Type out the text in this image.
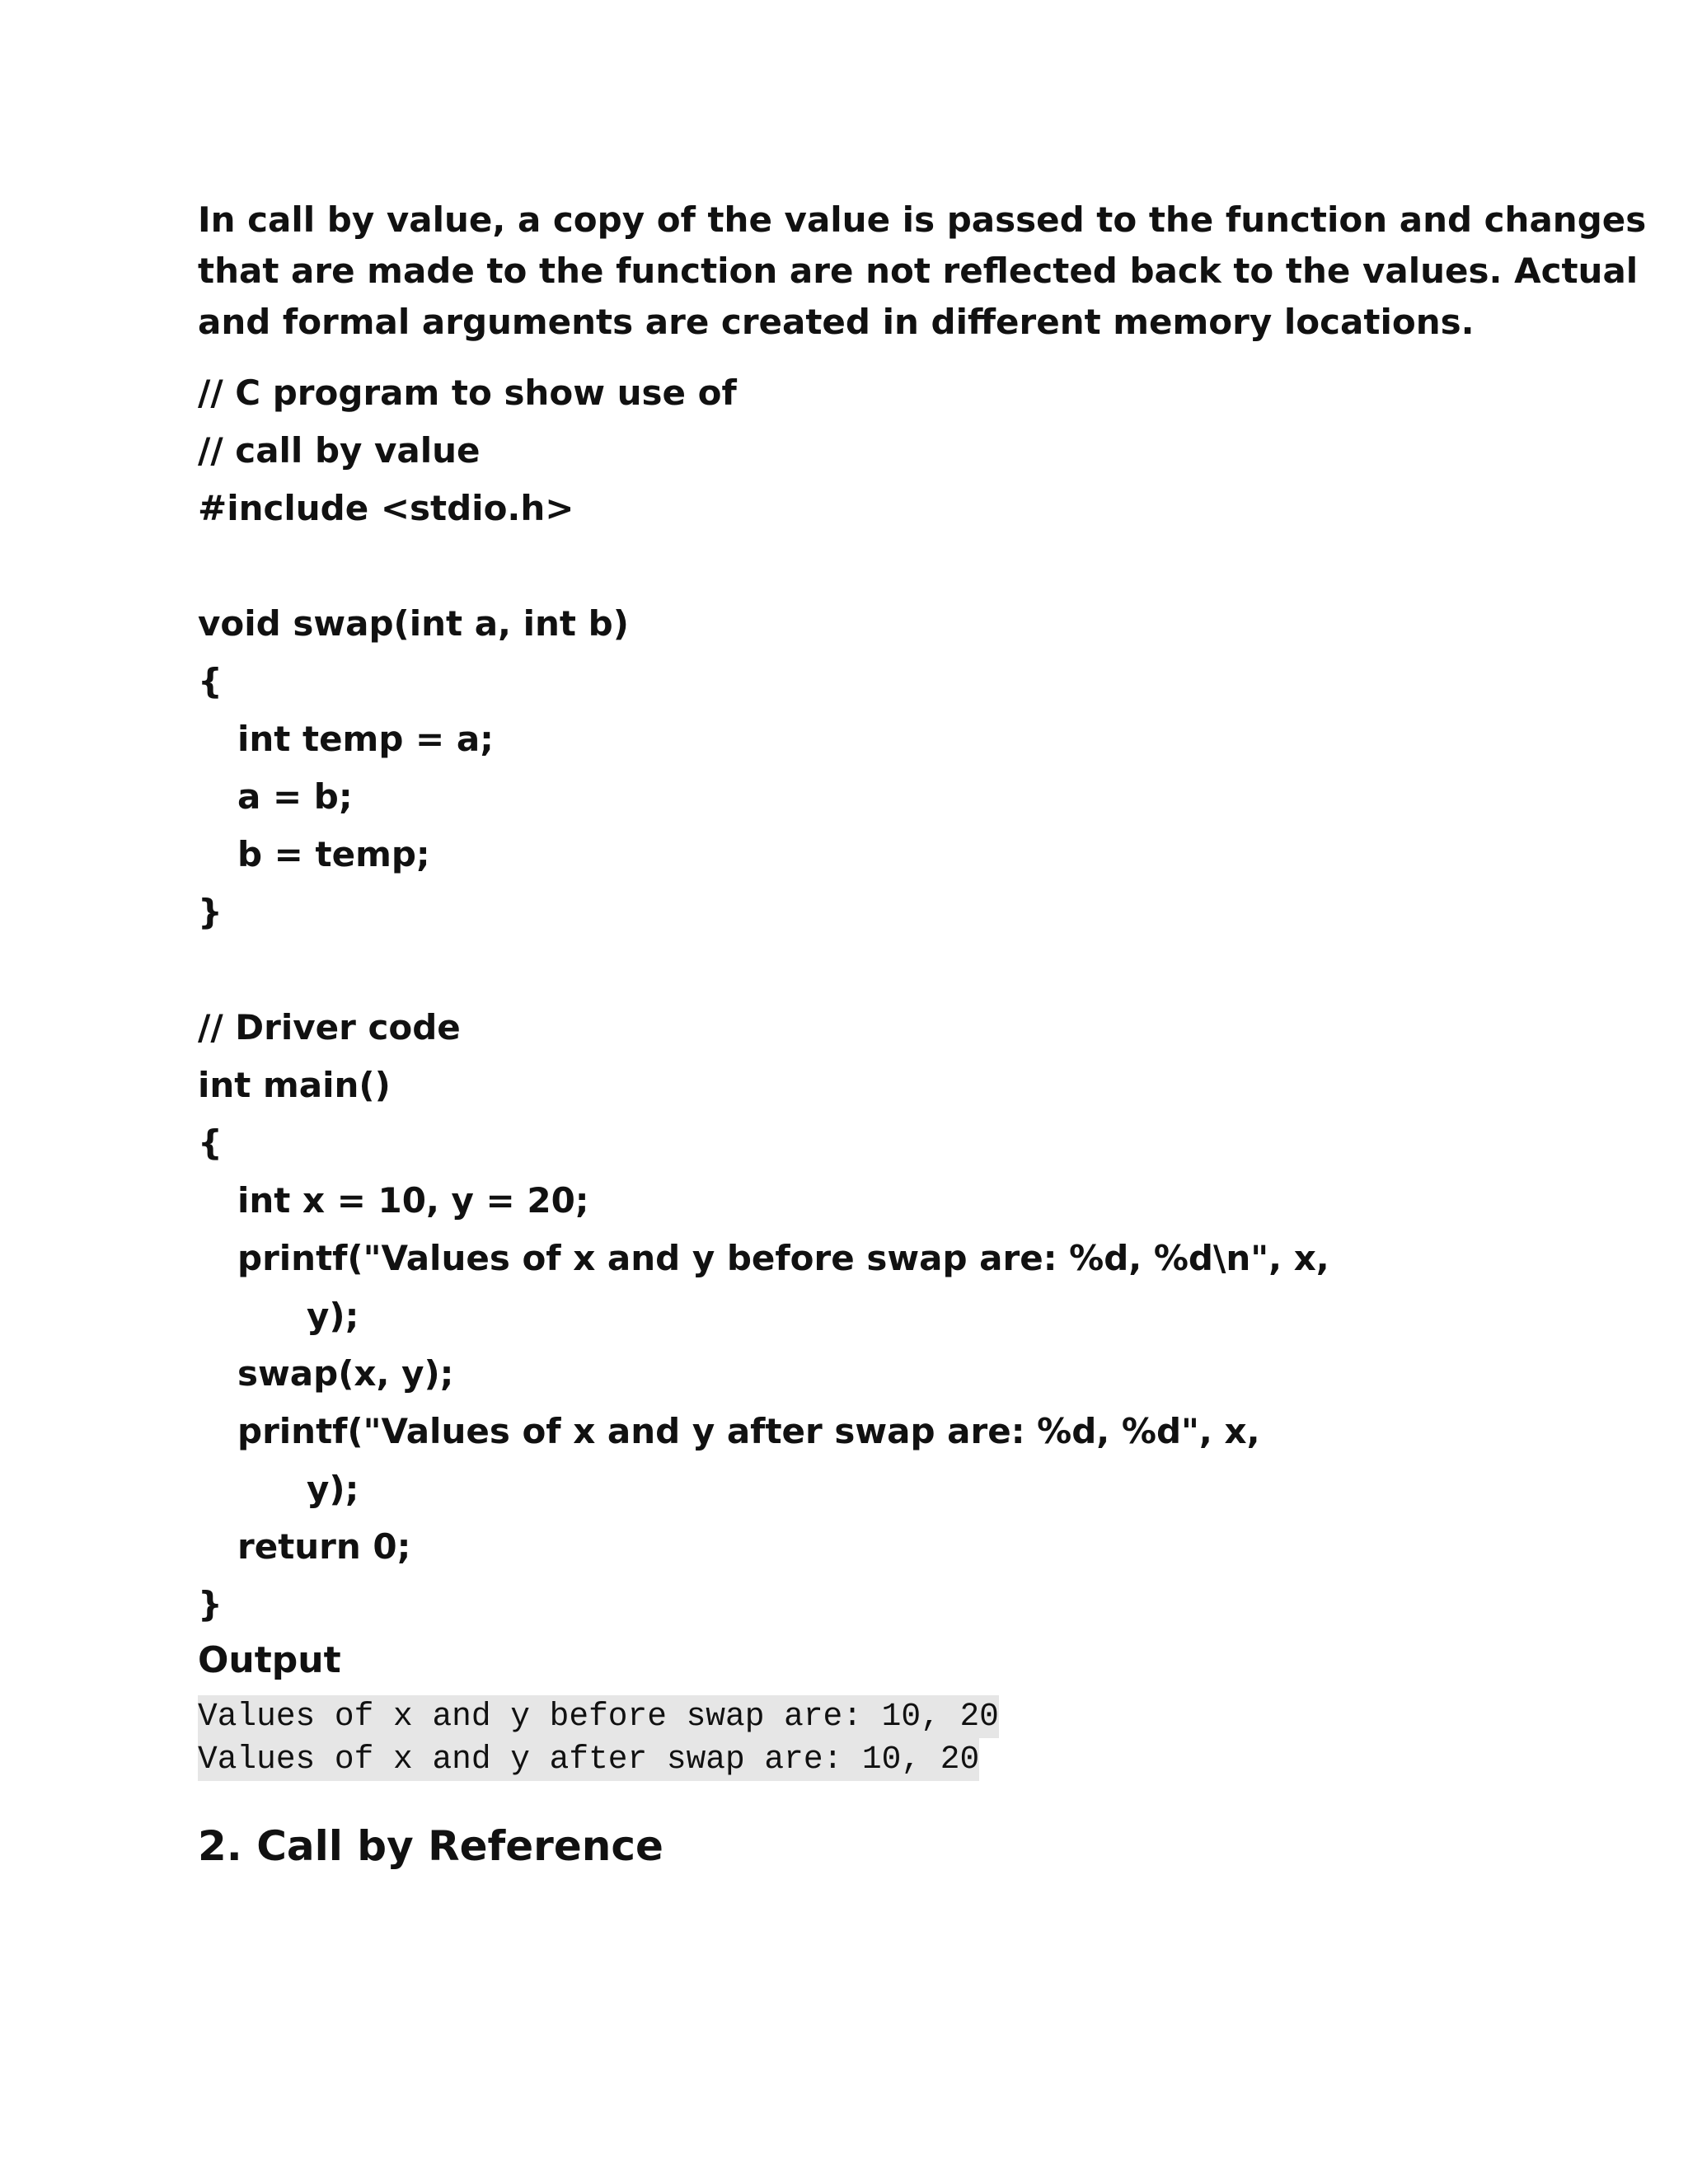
In call by value, a copy of the value is passed to the function and changes
that are made to the function are not reflected back to the values. Actual
and formal arguments are created in different memory locations.

// C program to show use of
// call by value
#include <stdio.h>
void swap(int a, int b)
{
int temp = a;
a = b;
b = temp;
}
// Driver code
int main()
{
int x = 10, y = 20;
printf("Values of x and y before swap are: %d, %d\n", x,
y);
swap(x, y);
printf("Values of x and y after swap are: %d, %d", x,
y);
return 0;
}
Output
Values of x and y before swap are: 10, 20
Values of x and y after swap are: 10, 20
2. Call by Reference
